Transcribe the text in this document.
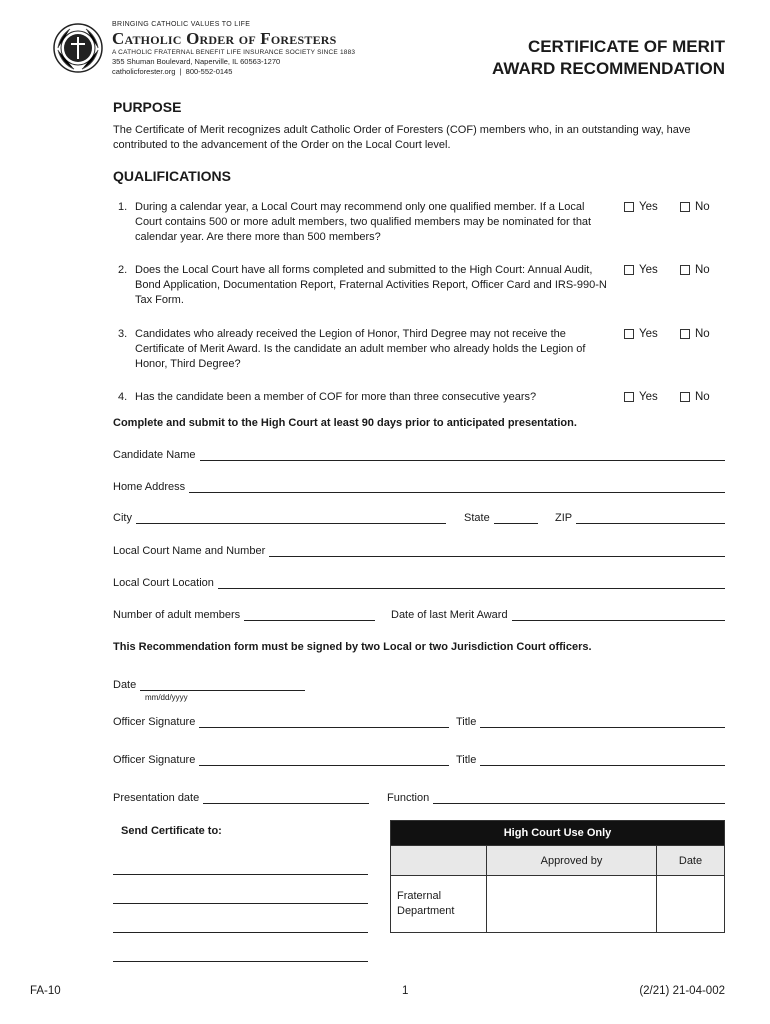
BRINGING CATHOLIC VALUES TO LIFE
Catholic Order of Foresters
A CATHOLIC FRATERNAL BENEFIT LIFE INSURANCE SOCIETY SINCE 1883
355 Shuman Boulevard, Naperville, IL 60563-1270
catholicforester.org  |  800-552-0145
CERTIFICATE OF MERIT
AWARD RECOMMENDATION
PURPOSE
The Certificate of Merit recognizes adult Catholic Order of Foresters (COF) members who, in an outstanding way, have contributed to the advancement of the Order on the Local Court level.
QUALIFICATIONS
1. During a calendar year, a Local Court may recommend only one qualified member. If a Local Court contains 500 or more adult members, two qualified members may be nominated for that calendar year. Are there more than 500 members?
Yes	No
2. Does the Local Court have all forms completed and submitted to the High Court: Annual Audit, Bond Application, Documentation Report, Fraternal Activities Report, Officer Card and IRS-990-N Tax Form.
Yes	No
3. Candidates who already received the Legion of Honor, Third Degree may not receive the Certificate of Merit Award. Is the candidate an adult member who already holds the Legion of Honor, Third Degree?
Yes	No
4. Has the candidate been a member of COF for more than three consecutive years?	Yes	No
Complete and submit to the High Court at least 90 days prior to anticipated presentation.
Candidate Name
Home Address
City	State	ZIP
Local Court Name and Number
Local Court Location
Number of adult members	Date of last Merit Award
This Recommendation form must be signed by two Local or two Jurisdiction Court officers.
Date
mm/dd/yyyy
Officer Signature	Title
Officer Signature	Title
Presentation date	Function
Send Certificate to:	High Court Use Only		
	Approved by	Date
Fraternal Department		
FA-10	1	(2/21) 21-04-002
